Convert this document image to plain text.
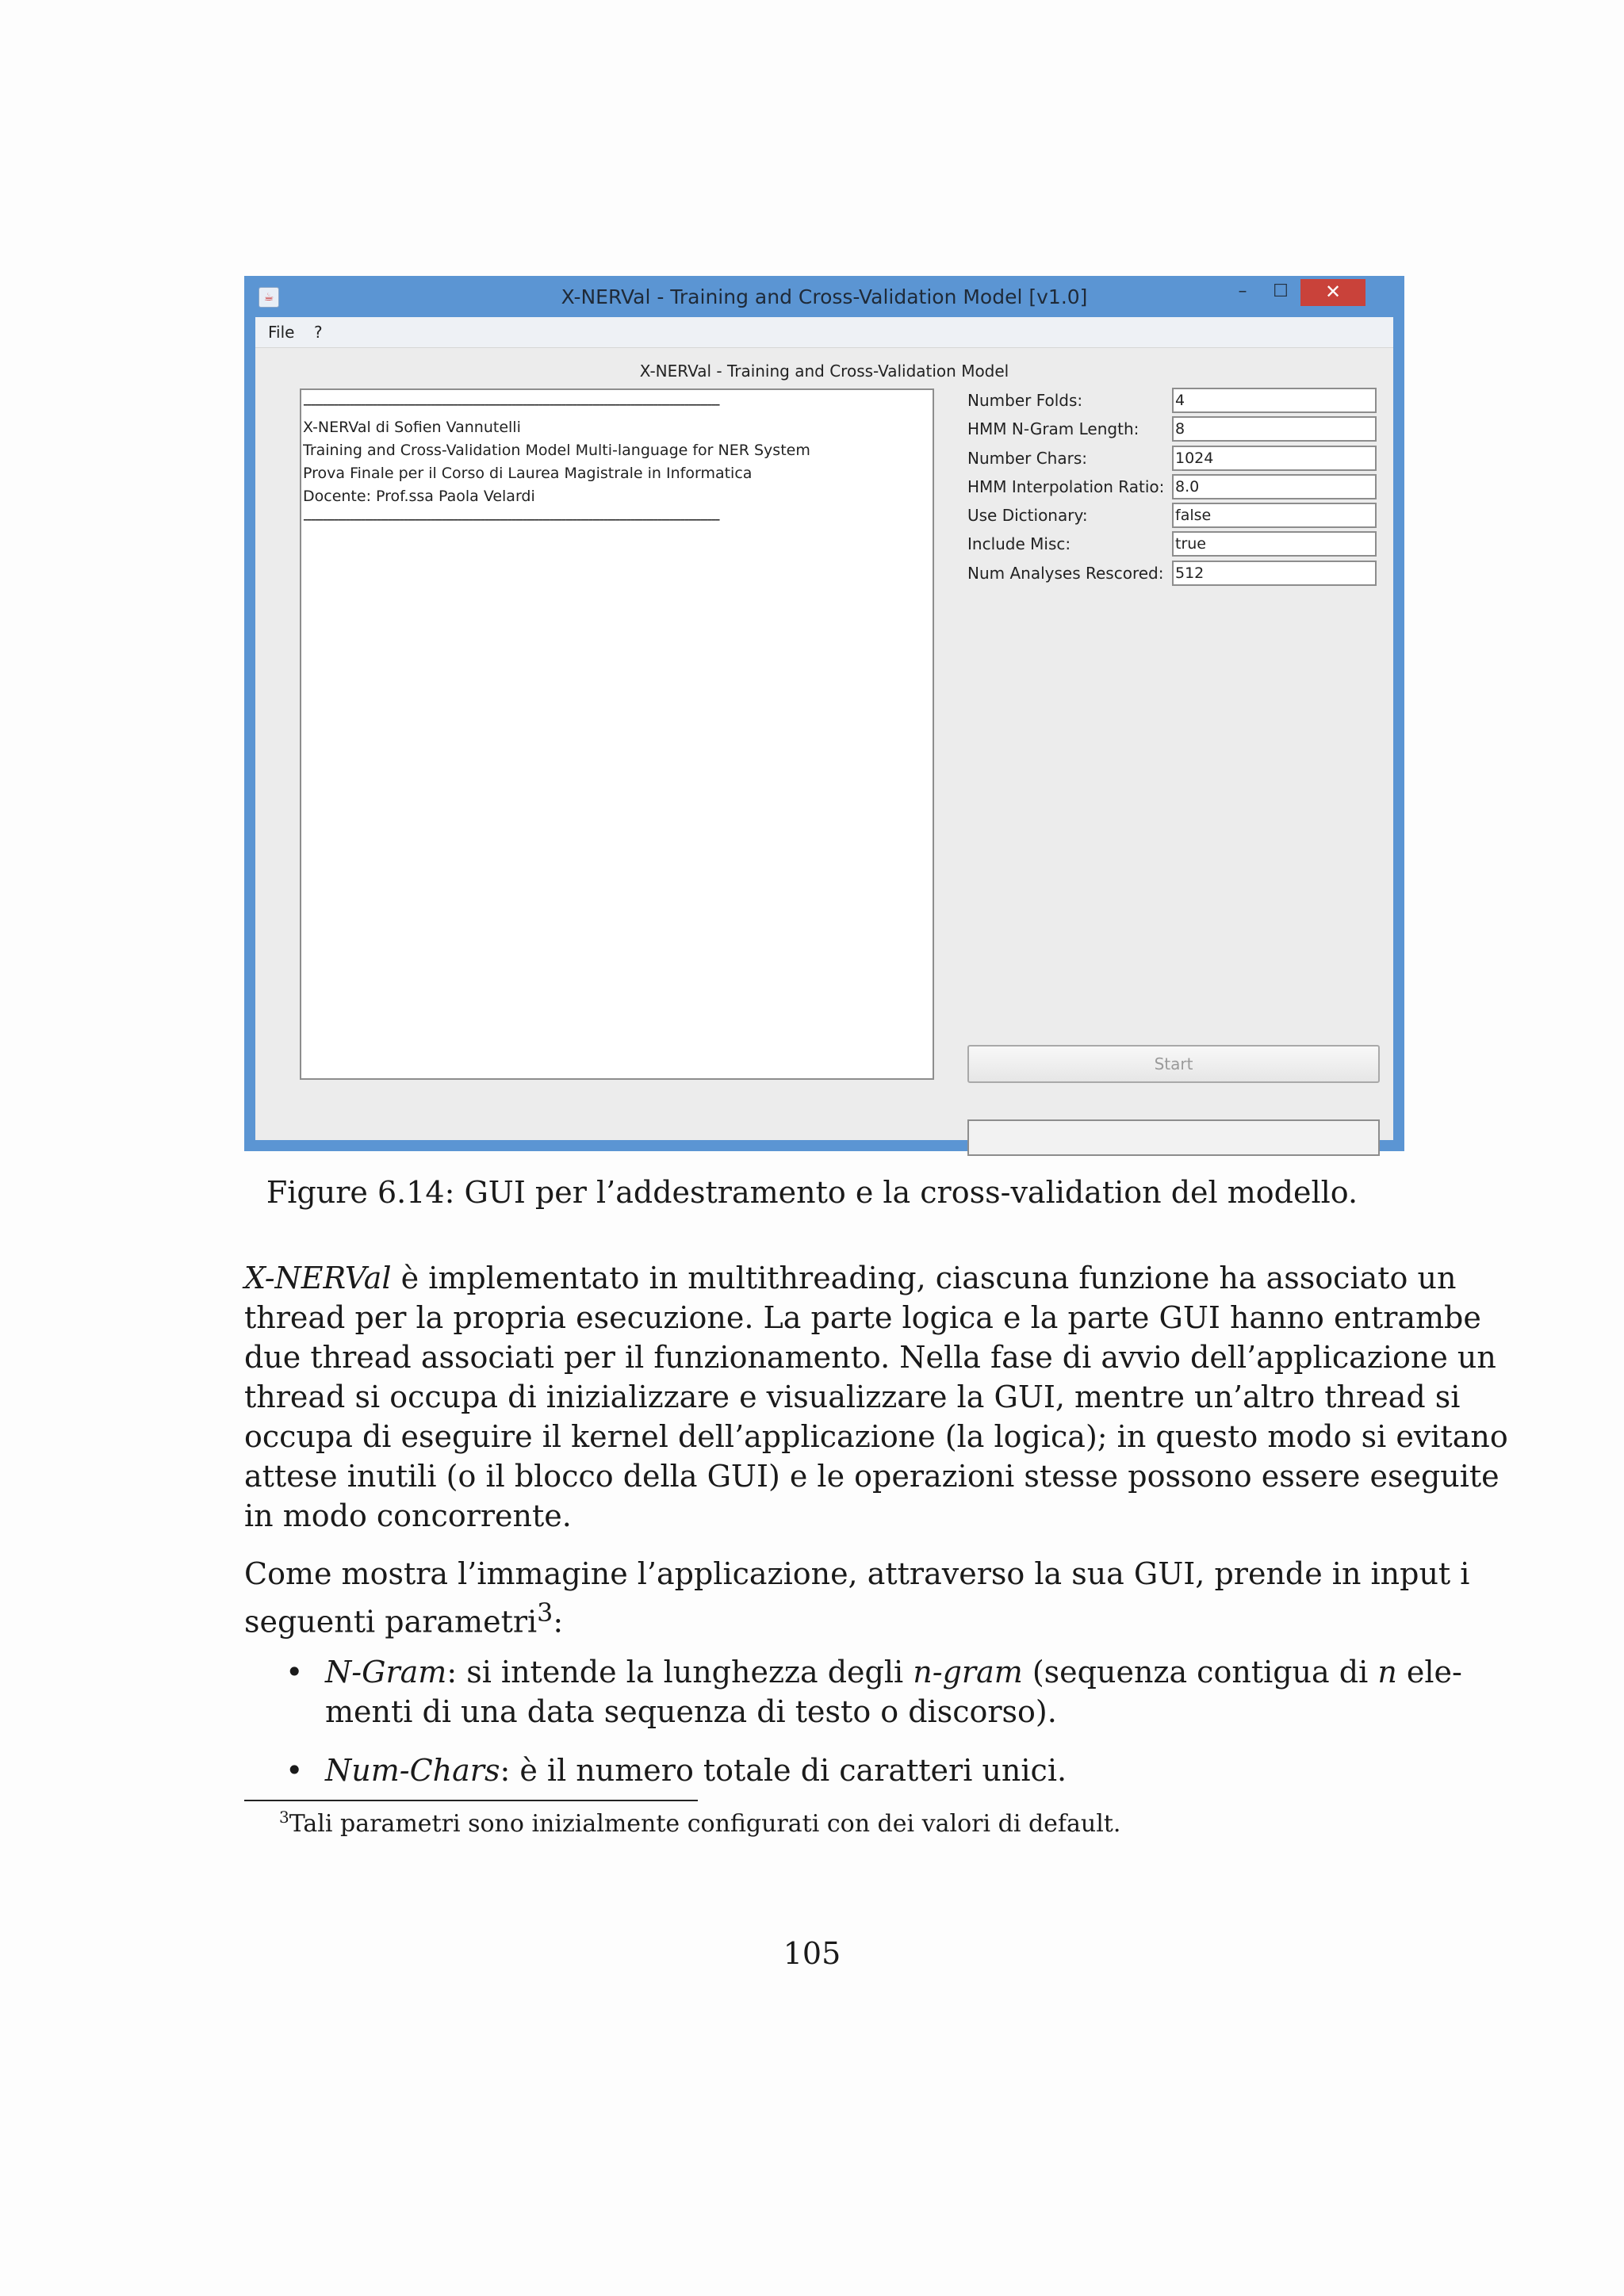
☕	X-NERVal - Training and Cross-Validation Model [v1.0]	–	☐	✕
File ?
X-NERVal - Training and Cross-Validation Model
------------------------------------------------------------------------------------------------------------
X-NERVal di Sofien Vannutelli
Training and Cross-Validation Model Multi-language for NER System
Prova Finale per il Corso di Laurea Magistrale in Informatica
Docente: Prof.ssa Paola Velardi
------------------------------------------------------------------------------------------------------------
Number Folds:
4
HMM N-Gram Length:
8
Number Chars:
1024
HMM Interpolation Ratio:
8.0
Use Dictionary:
false
Include Misc:
true
Num Analyses Rescored:
512
Start
Figure 6.14: GUI per l’addestramento e la cross-validation del modello.
X-NERVal è implementato in multithreading, ciascuna funzione ha associato un
thread per la propria esecuzione. La parte logica e la parte GUI hanno entrambe
due thread associati per il funzionamento. Nella fase di avvio dell’applicazione un
thread si occupa di inizializzare e visualizzare la GUI, mentre un’altro thread si
occupa di eseguire il kernel dell’applicazione (la logica); in questo modo si evitano
attese inutili (o il blocco della GUI) e le operazioni stesse possono essere eseguite
in modo concorrente.
Come mostra l’immagine l’applicazione, attraverso la sua GUI, prende in input i
seguenti parametri$^3$:
• N-Gram: si intende la lunghezza degli n-gram (sequenza contigua di n ele-
menti di una data sequenza di testo o discorso).
• Num-Chars: è il numero totale di caratteri unici.
$^3$Tali parametri sono inizialmente configurati con dei valori di default.
105
